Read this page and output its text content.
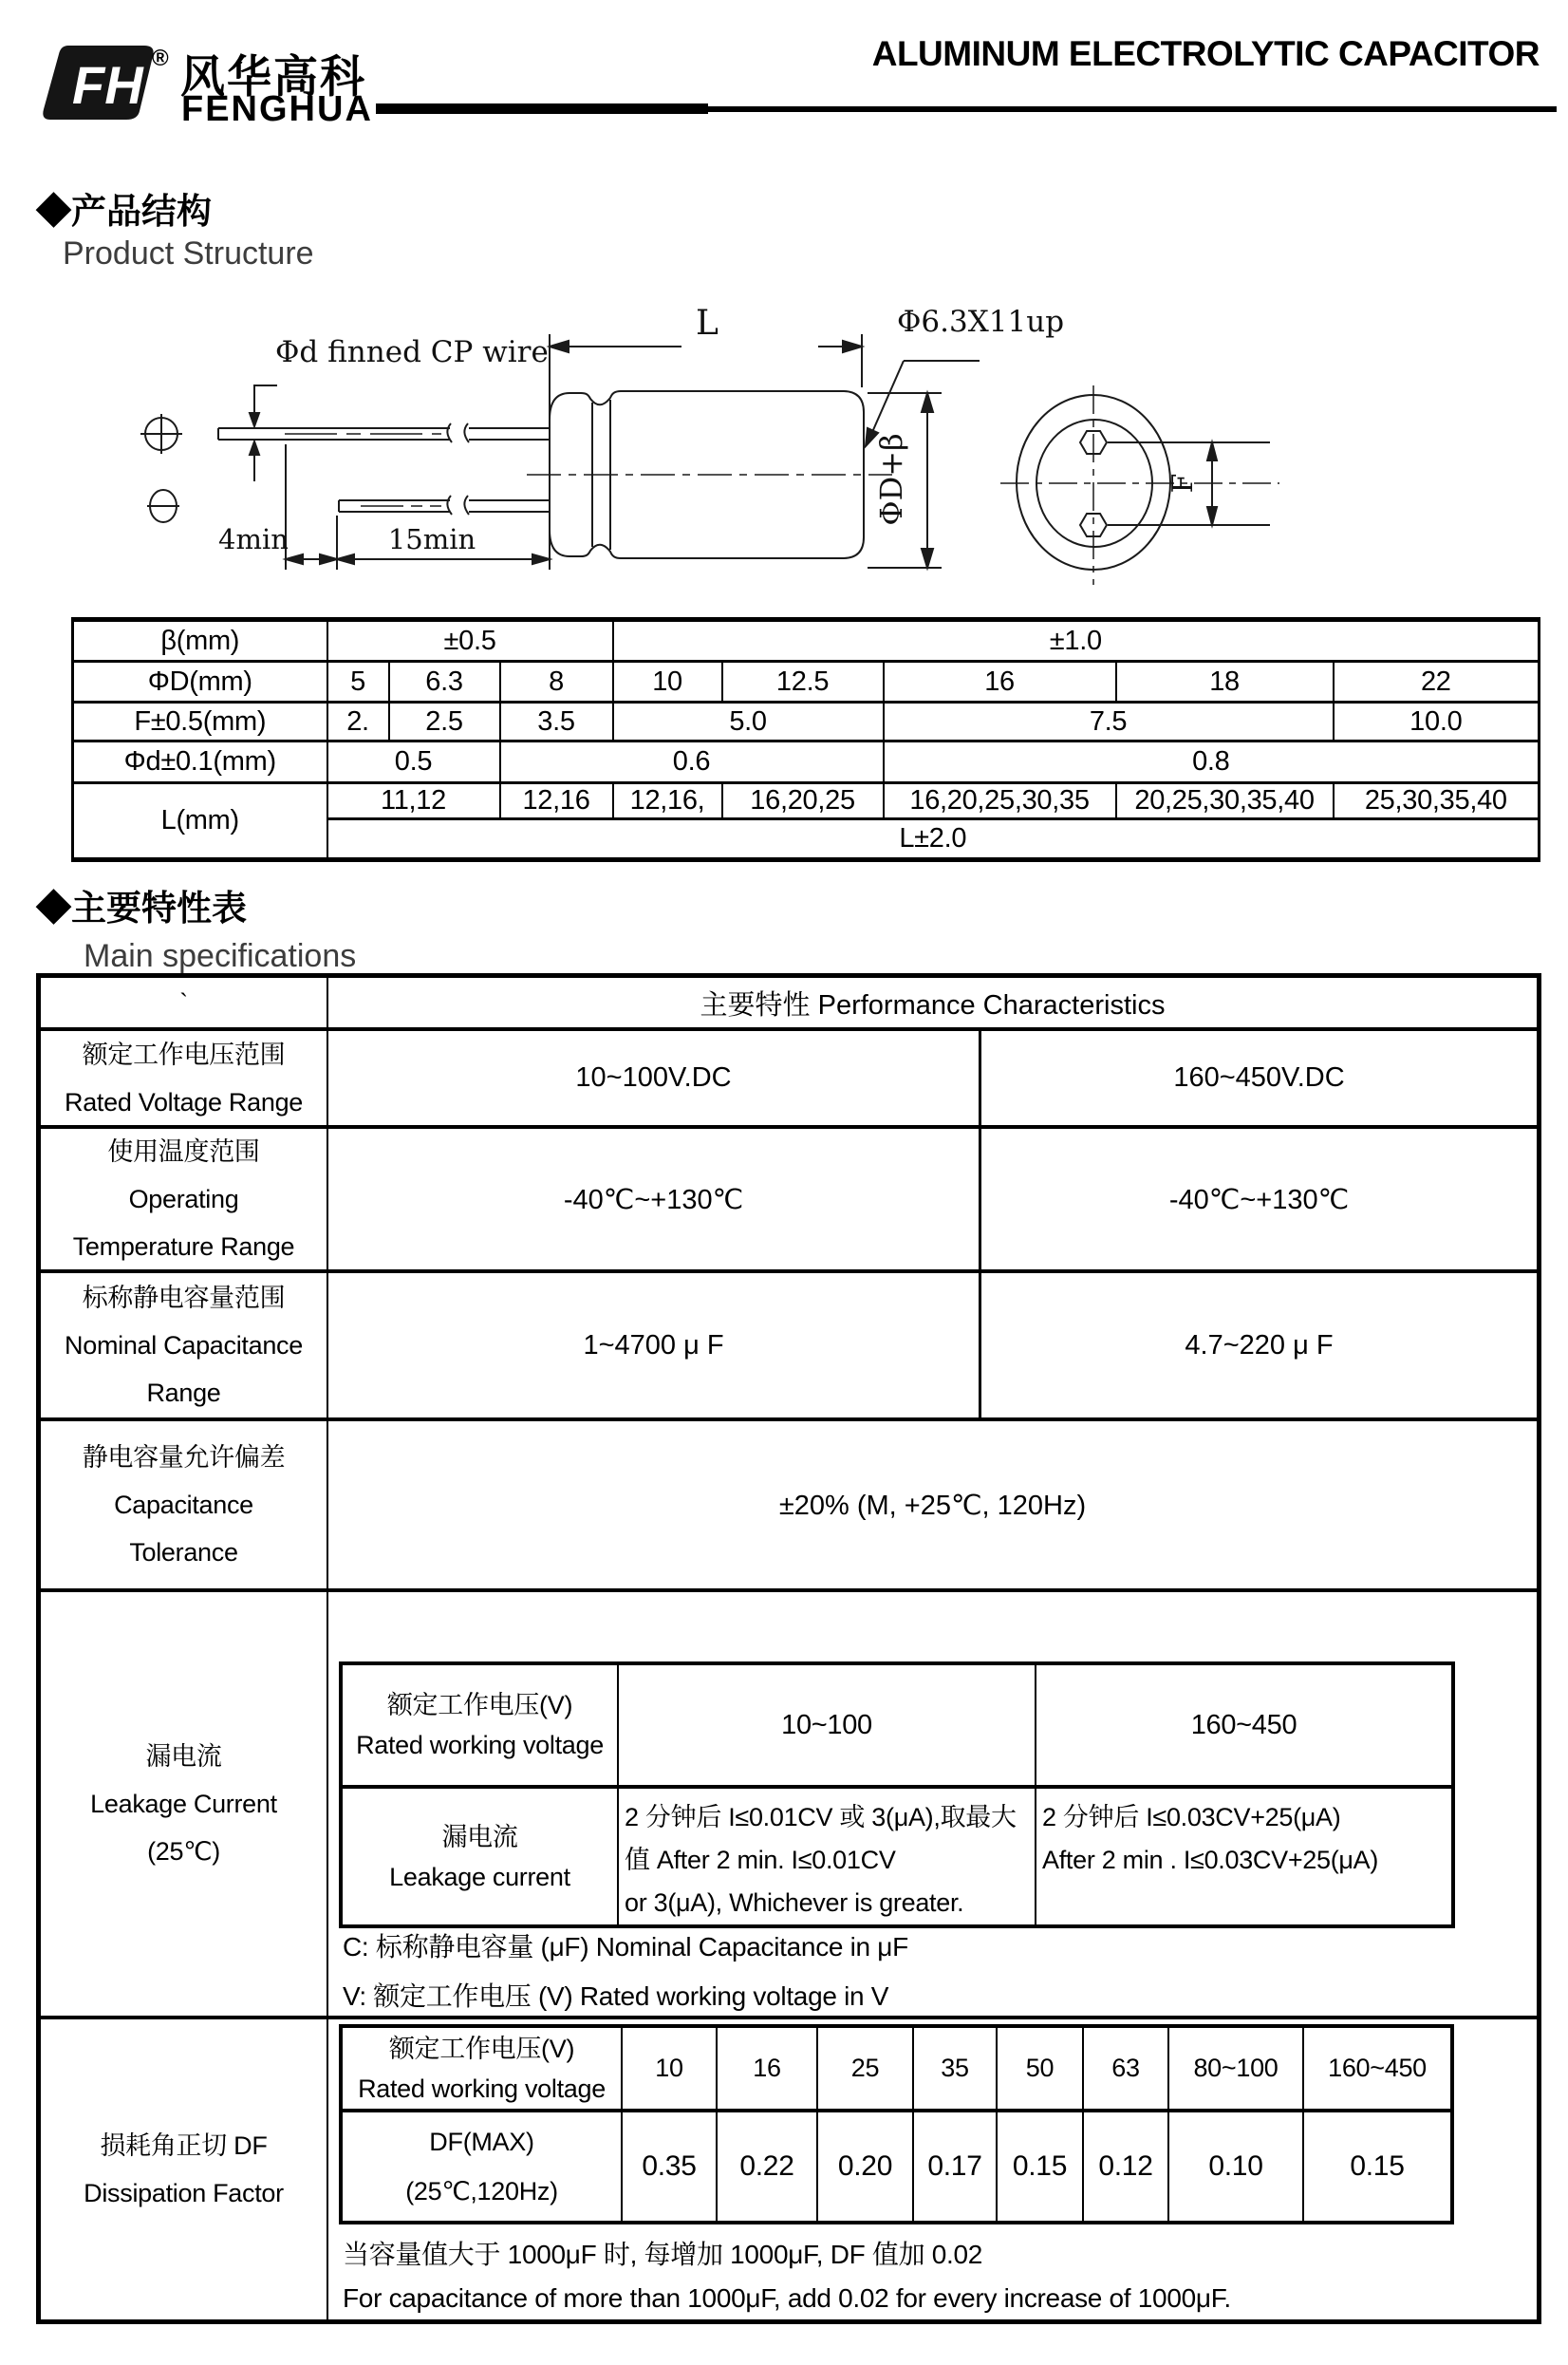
FH ® 风华高科
FENGHUA
ALUMINUM ELECTROLYTIC CAPACITOR
◆产品结构
Product Structure
Φd finned CP wire
L	Φ6.3X11up
ΦD+β	F
4min	15min
β(mm)	±0.5			±1.0				
ΦD(mm)	5	6.3	8	10	12.5	16	18	22
F±0.5(mm)	2.	2.5	3.5	5.0		7.5		10.0
Φd±0.1(mm)	0.5		0.6			0.8		
L(mm)	11,12		12,16	12,16,	16,20,25	16,20,25,30,35	20,25,30,35,40	25,30,35,40
	L±2.0							
◆主要特性表
Main specifications
`	主要特性 Performance Characteristics
额定工作电压范围
Rated Voltage Range
10~100V.DC	160~450V.DC
使用温度范围
Operating
Temperature Range
-40℃~+130℃	-40℃~+130℃
标称静电容量范围
Nominal Capacitance
Range
1~4700 μ F	4.7~220 μ F
静电容量允许偏差
Capacitance
Tolerance
±20% (M, +25℃, 120Hz)
漏电流
Leakage Current
(25℃)
额定工作电压(V)
Rated working voltage	10~100	160~450

漏电流
Leakage current

2 分钟后 I≤0.01CV 或 3(μA),取最大
值 After 2 min. I≤0.01CV
or 3(μA), Whichever is greater.

2 分钟后 I≤0.03CV+25(μA)
After 2 min . I≤0.03CV+25(μA)
C: 标称静电容量 (μF) Nominal Capacitance in μF
V: 额定工作电压 (V) Rated working voltage in V
损耗角正切 DF
Dissipation Factor
额定工作电压(V)
Rated working voltage	10	16	25	35	50	63	80~100	160~450

DF(MAX)
(25℃,120Hz)	0.35	0.22	0.20	0.17	0.15	0.12	0.10	0.15
当容量值大于 1000μF 时, 每增加 1000μF, DF 值加 0.02
For capacitance of more than 1000μF, add 0.02 for every increase of 1000μF.
